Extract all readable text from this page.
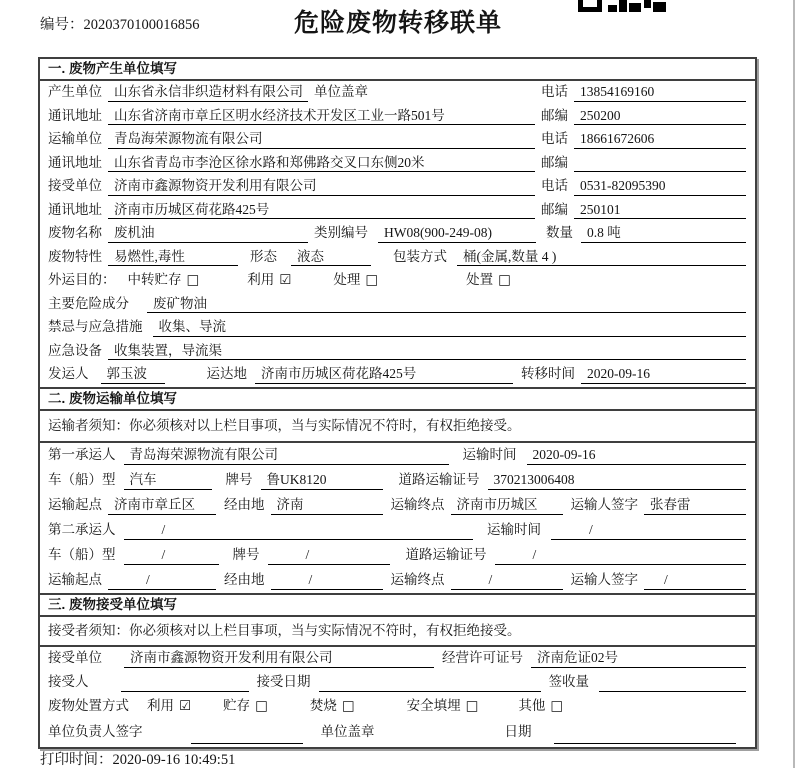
编号：2020370100016856	危险废物转移联单
一. 废物产生单位填写
产生单位 山东省永信非织造材料有限公司 单位盖章	电话 13854169160
通讯地址 山东省济南市章丘区明水经济技术开发区工业一路501号	邮编 250200
运输单位 青岛海荣源物流有限公司	电话 18661672606
通讯地址 山东省青岛市李沧区徐水路和郑佛路交叉口东侧20米	邮编
接受单位 济南市鑫源物资开发利用有限公司	电话 0531-82095390
通讯地址 济南市历城区荷花路425号	邮编 250101
废物名称 废机油	类别编号	HW08(900-249-08)	数量	0.8 吨
废物特性 易燃性,毒性	形态	液态	包装方式	桶(金属,数量 4 )
外运目的： 中转贮存 □	利用 ☑	处理 □	处置 □
主要危险成分	废矿物油
禁忌与应急措施	收集、导流
应急设备 收集装置，导流渠
发运人	郭玉波	运达地	济南市历城区荷花路425号	转移时间 2020-09-16
二. 废物运输单位填写
运输者须知：你必须核对以上栏目事项，当与实际情况不符时，有权拒绝接受。
第一承运人	青岛海荣源物流有限公司	运输时间	2020-09-16
车（船）型	汽车	牌号	鲁UK8120	道路运输证号	370213006408
运输起点 济南市章丘区	经由地 济南	运输终点 济南市历城区	运输人签字 张春雷
第二承运人	/	运输时间	/
车（船）型	/	牌号	/	道路运输证号	/
运输起点	/	经由地	/	运输终点	/	运输人签字	/
三. 废物接受单位填写
接受者须知：你必须核对以上栏目事项，当与实际情况不符时，有权拒绝接受。
接受单位	济南市鑫源物资开发利用有限公司	经营许可证号	济南危证02号
接受人	接受日期	签收量
废物处置方式 利用 ☑ 贮存 □	焚烧 □	安全填埋 □	其他 □
单位负责人签字	单位盖章	日期
打印时间：2020-09-16 10:49:51
